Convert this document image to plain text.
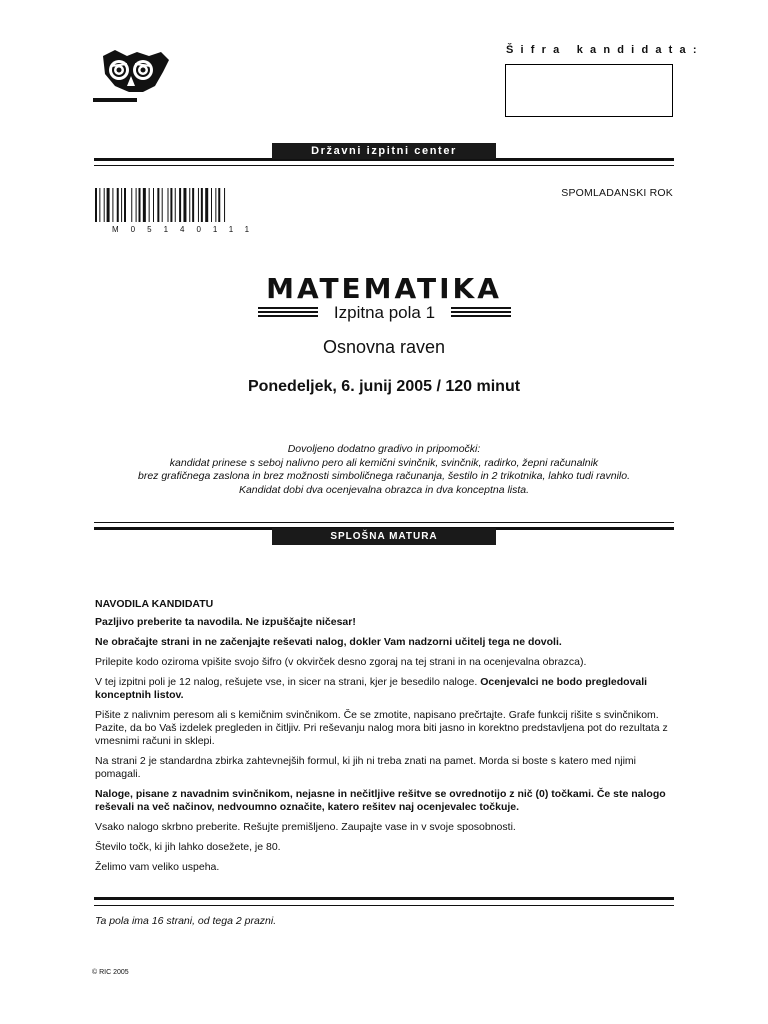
Šifra kandidata:
Državni izpitni center
SPOMLADANSKI ROK
M05140111
MATEMATIKA
Izpitna pola 1
Osnovna raven
Ponedeljek, 6. junij 2005 / 120 minut
Dovoljeno dodatno gradivo in pripomočki:
kandidat prinese s seboj nalivno pero ali kemični svinčnik, svinčnik, radirko, žepni računalnik
brez grafičnega zaslona in brez možnosti simboličnega računanja, šestilo in 2 trikotnika, lahko tudi ravnilo.
Kandidat dobi dva ocenjevalna obrazca in dva konceptna lista.
SPLOŠNA MATURA

NAVODILA KANDIDATU

Pazljivo preberite ta navodila. Ne izpuščajte ničesar!

Ne obračajte strani in ne začenjajte reševati nalog, dokler Vam nadzorni učitelj tega ne dovoli.

Prilepite kodo oziroma vpišite svojo šifro (v okvirček desno zgoraj na tej strani in na ocenjevalna obrazca).

V tej izpitni poli je 12 nalog, rešujete vse, in sicer na strani, kjer je besedilo naloge. Ocenjevalci ne bodo pregledovali konceptnih listov.

Pišite z nalivnim peresom ali s kemičnim svinčnikom. Če se zmotite, napisano prečrtajte. Grafe funkcij rišite s svinčnikom. Pazite, da bo Vaš izdelek pregleden in čitljiv. Pri reševanju nalog mora biti jasno in korektno predstavljena pot do rezultata z vmesnimi računi in sklepi.

Na strani 2 je standardna zbirka zahtevnejših formul, ki jih ni treba znati na pamet. Morda si boste s katero med njimi pomagali.

Naloge, pisane z navadnim svinčnikom, nejasne in nečitljive rešitve se ovrednotijo z nič (0) točkami. Če ste nalogo reševali na več načinov, nedvoumno označite, katero rešitev naj ocenjevalec točkuje.

Vsako nalogo skrbno preberite. Rešujte premišljeno. Zaupajte vase in v svoje sposobnosti.

Število točk, ki jih lahko dosežete, je 80.

Želimo vam veliko uspeha.

Ta pola ima 16 strani, od tega 2 prazni.
© RIC 2005
